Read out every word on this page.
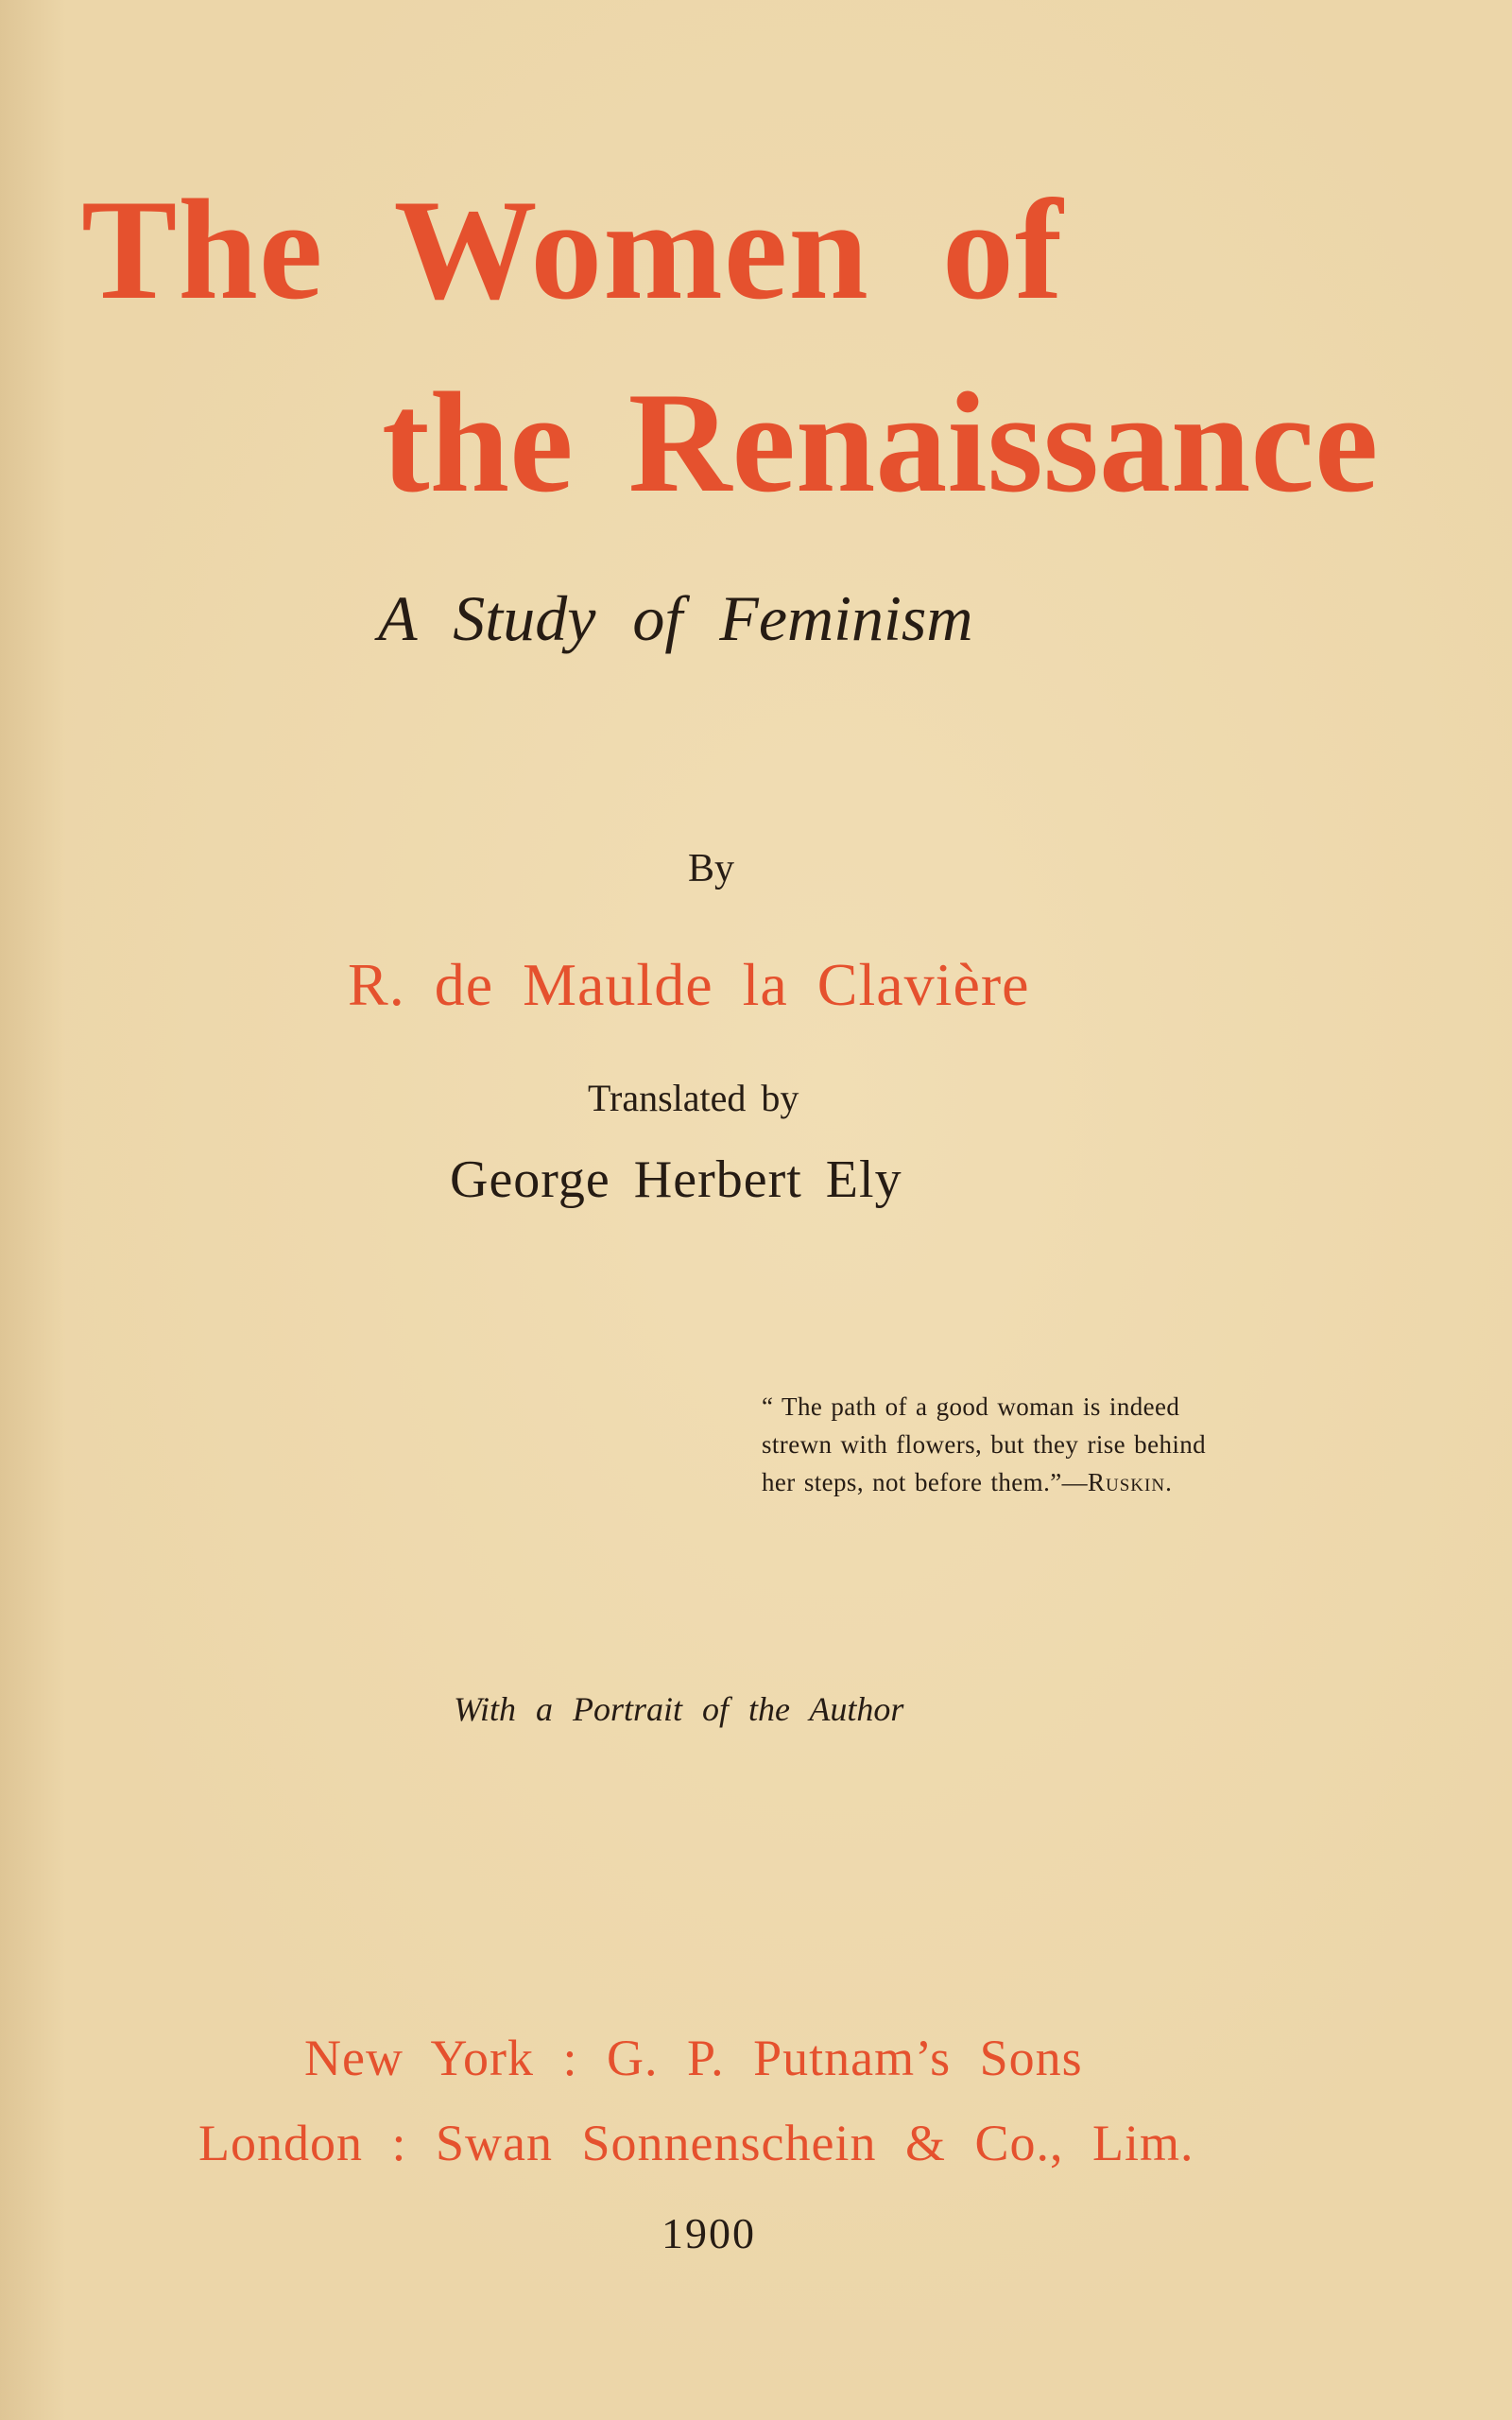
The Women of
the Renaissance
A Study of Feminism
By
R. de Maulde la Clavière
Translated by
George Herbert Ely
“ The path of a good woman is indeed
strewn with flowers, but they rise behind
her steps, not before them.”—Ruskin.
With a Portrait of the Author
New York : G. P. Putnam’s Sons
London : Swan Sonnenschein & Co., Lim.
1900
